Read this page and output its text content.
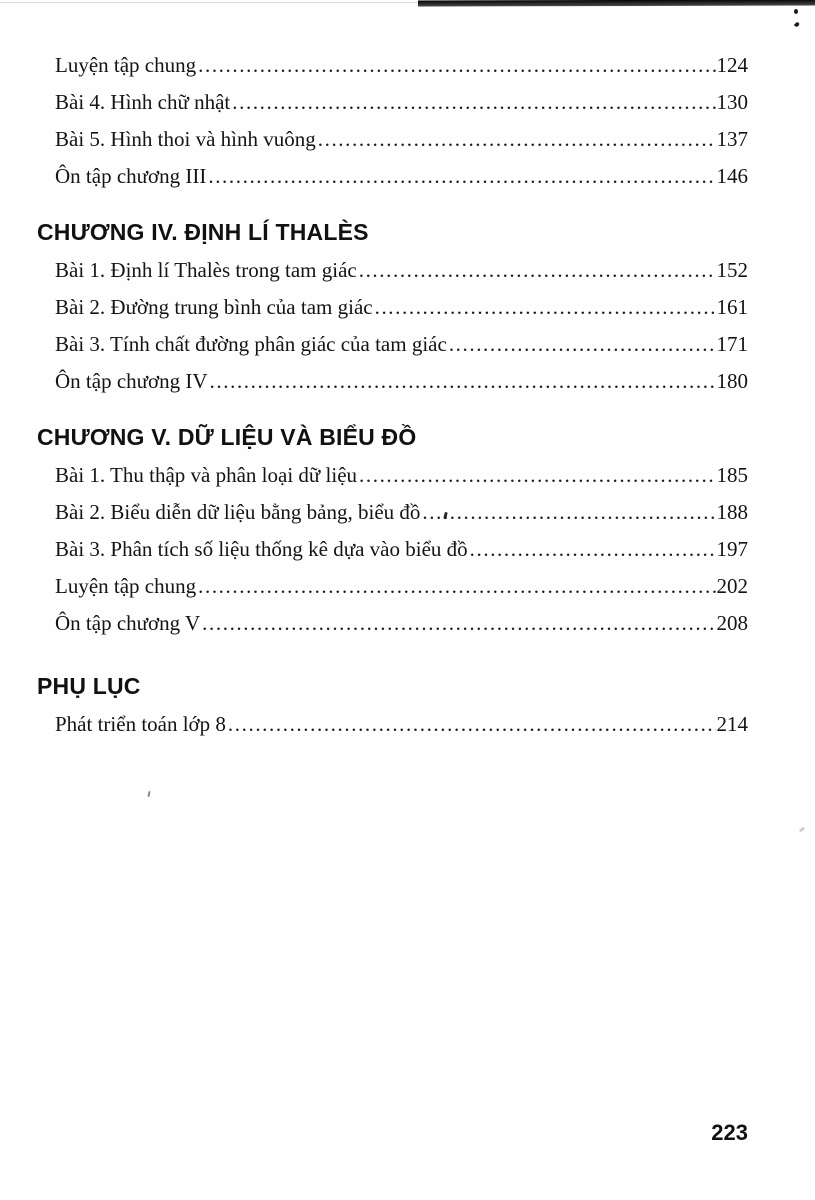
Luyện tập chung .....	124
Bài 4. Hình chữ nhật .....	130
Bài 5. Hình thoi và hình vuông .....	137
Ôn tập chương III .....	146
CHƯƠNG IV. ĐỊNH LÍ THALÈS
Bài 1. Định lí Thalès trong tam giác .....	152
Bài 2. Đường trung bình của tam giác .....	161
Bài 3. Tính chất đường phân giác của tam giác .....	171
Ôn tập chương IV .....	180
CHƯƠNG V. DỮ LIỆU VÀ BIỂU ĐỒ
Bài 1. Thu thập và phân loại dữ liệu .....	185
Bài 2. Biểu diễn dữ liệu bằng bảng, biểu đồ .....	188
Bài 3. Phân tích số liệu thống kê dựa vào biểu đồ .....	197
Luyện tập chung .....	202
Ôn tập chương V .....	208
PHỤ LỤC
Phát triển toán lớp 8 .....	214
223
